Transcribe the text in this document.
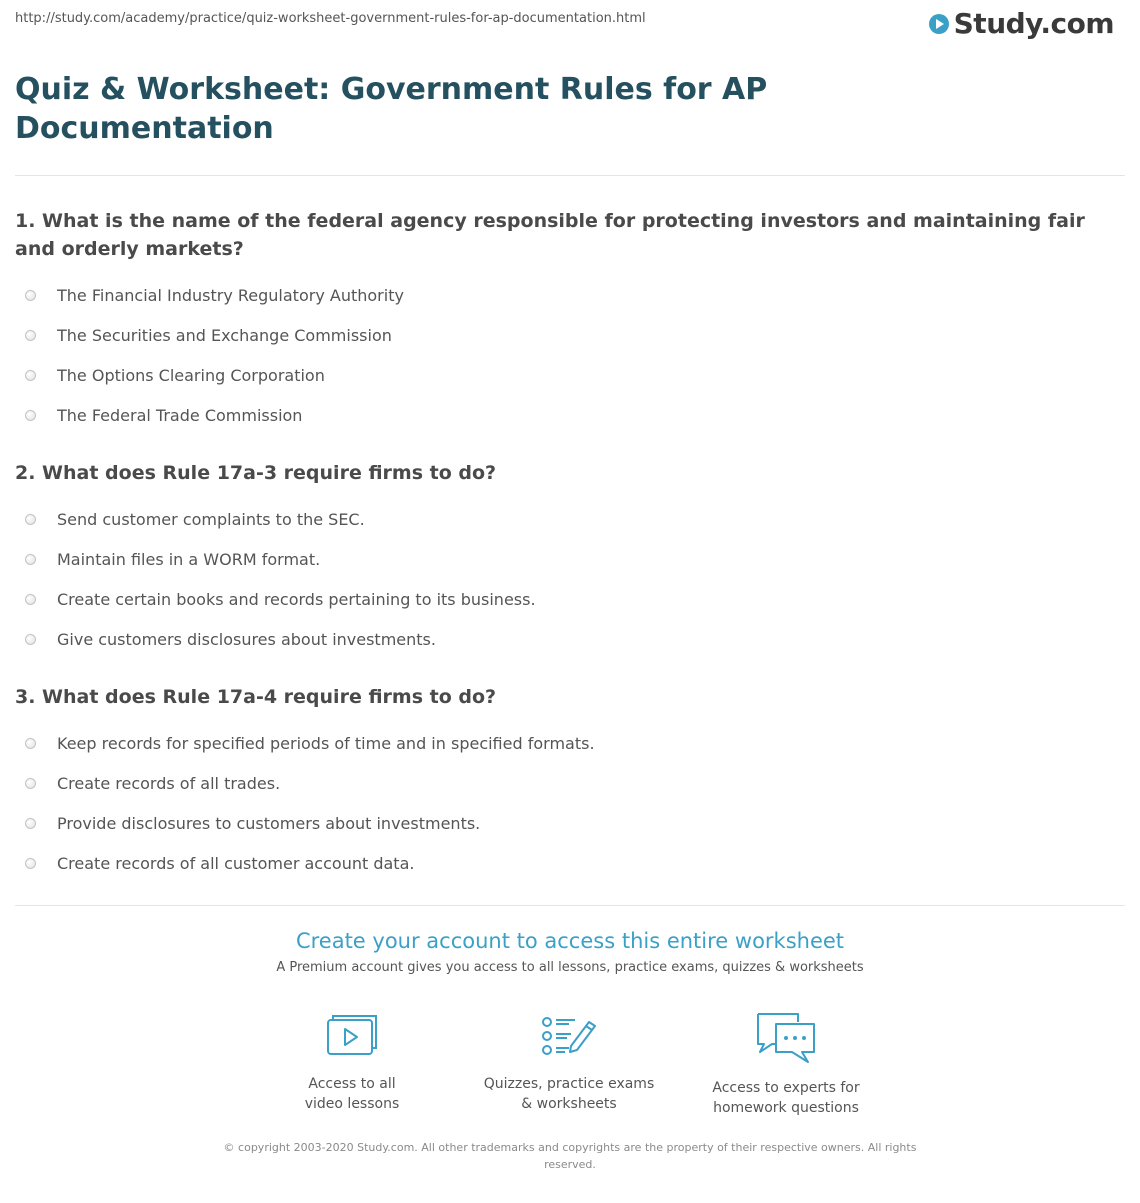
http://study.com/academy/practice/quiz-worksheet-government-rules-for-ap-documentation.html	Study.com
Quiz & Worksheet: Government Rules for AP Documentation
1. What is the name of the federal agency responsible for protecting investors and maintaining fair and orderly markets?
The Financial Industry Regulatory Authority
The Securities and Exchange Commission
The Options Clearing Corporation
The Federal Trade Commission
2. What does Rule 17a-3 require firms to do?
Send customer complaints to the SEC.
Maintain files in a WORM format.
Create certain books and records pertaining to its business.
Give customers disclosures about investments.
3. What does Rule 17a-4 require firms to do?
Keep records for specified periods of time and in specified formats.
Create records of all trades.
Provide disclosures to customers about investments.
Create records of all customer account data.
Create your account to access this entire worksheet
A Premium account gives you access to all lessons, practice exams, quizzes & worksheets
Access to all
video lessons
Quizzes, practice exams
& worksheets
Access to experts for
homework questions
© copyright 2003-2020 Study.com. All other trademarks and copyrights are the property of their respective owners. All rights reserved.
